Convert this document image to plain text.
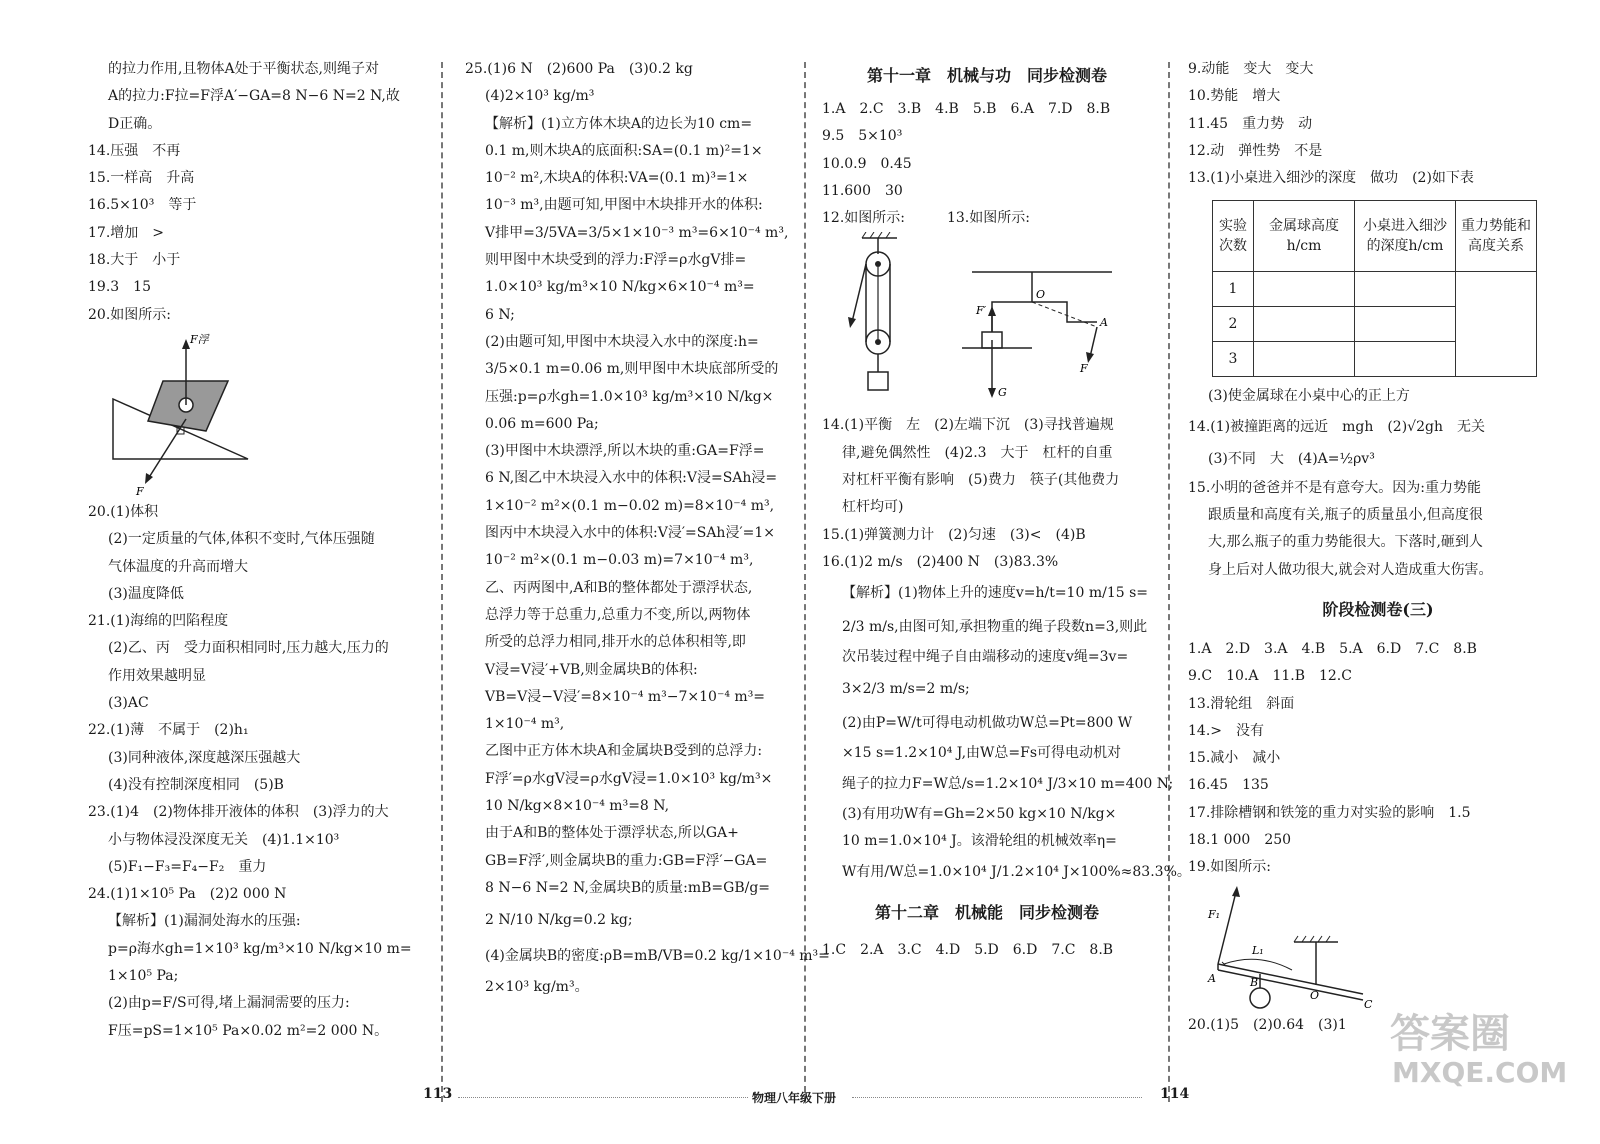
的拉力作用,且物体A处于平衡状态,则绳子对
A的拉力:F拉=F浮A′−GA=8 N−6 N=2 N,故
D正确。
14.压强　不再
15.一样高　升高
16.5×10³　等于
17.增加　>
18.大于　小于
19.3　15
20.如图所示:
F浮
F
20.(1)体积
(2)一定质量的气体,体积不变时,气体压强随
气体温度的升高而增大
(3)温度降低
21.(1)海绵的凹陷程度
(2)乙、丙　受力面积相同时,压力越大,压力的
作用效果越明显
(3)AC
22.(1)薄　不属于　(2)h₁
(3)同种液体,深度越深压强越大
(4)没有控制深度相同　(5)B
23.(1)4　(2)物体排开液体的体积　(3)浮力的大
小与物体浸没深度无关　(4)1.1×10³
(5)F₁−F₃=F₄−F₂　重力
24.(1)1×10⁵ Pa　(2)2 000 N
【解析】(1)漏洞处海水的压强:
p=ρ海水gh=1×10³ kg/m³×10 N/kg×10 m=
1×10⁵ Pa;
(2)由p=F/S可得,堵上漏洞需要的压力:
F压=pS=1×10⁵ Pa×0.02 m²=2 000 N。
25.(1)6 N　(2)600 Pa　(3)0.2 kg
(4)2×10³ kg/m³
【解析】(1)立方体木块A的边长为10 cm=
0.1 m,则木块A的底面积:SA=(0.1 m)²=1×
10⁻² m²,木块A的体积:VA=(0.1 m)³=1×
10⁻³ m³,由题可知,甲图中木块排开水的体积:
V排甲=3/5VA=3/5×1×10⁻³ m³=6×10⁻⁴ m³,
则甲图中木块受到的浮力:F浮=ρ水gV排=
1.0×10³ kg/m³×10 N/kg×6×10⁻⁴ m³=
6 N;
(2)由题可知,甲图中木块浸入水中的深度:h=
3/5×0.1 m=0.06 m,则甲图中木块底部所受的
压强:p=ρ水gh=1.0×10³ kg/m³×10 N/kg×
0.06 m=600 Pa;
(3)甲图中木块漂浮,所以木块的重:GA=F浮=
6 N,图乙中木块浸入水中的体积:V浸=SAh浸=
1×10⁻² m²×(0.1 m−0.02 m)=8×10⁻⁴ m³,
图丙中木块浸入水中的体积:V浸′=SAh浸′=1×
10⁻² m²×(0.1 m−0.03 m)=7×10⁻⁴ m³,
乙、丙两图中,A和B的整体都处于漂浮状态,
总浮力等于总重力,总重力不变,所以,两物体
所受的总浮力相同,排开水的总体积相等,即
V浸=V浸′+VB,则金属块B的体积:
VB=V浸−V浸′=8×10⁻⁴ m³−7×10⁻⁴ m³=
1×10⁻⁴ m³,
乙图中正方体木块A和金属块B受到的总浮力:
F浮′=ρ水gV浸=ρ水gV浸=1.0×10³ kg/m³×
10 N/kg×8×10⁻⁴ m³=8 N,
由于A和B的整体处于漂浮状态,所以GA+
GB=F浮′,则金属块B的重力:GB=F浮′−GA=
8 N−6 N=2 N,金属块B的质量:mB=GB/g=
2 N/10 N/kg=0.2 kg;
(4)金属块B的密度:ρB=mB/VB=0.2 kg/1×10⁻⁴ m³=
2×10³ kg/m³。
第十一章　机械与功　同步检测卷
1.A　2.C　3.B　4.B　5.B　6.A　7.D　8.B
9.5　5×10³
10.0.9　0.45
11.600　30
12.如图所示:　　　13.如图所示:
F′
O
A
F
G
14.(1)平衡　左　(2)左端下沉　(3)寻找普遍规
律,避免偶然性　(4)2.3　大于　杠杆的自重
对杠杆平衡有影响　(5)费力　筷子(其他费力
杠杆均可)
15.(1)弹簧测力计　(2)匀速　(3)<　(4)B
16.(1)2 m/s　(2)400 N　(3)83.3%
【解析】(1)物体上升的速度v=h/t=10 m/15 s=
2/3 m/s,由图可知,承担物重的绳子段数n=3,则此
次吊装过程中绳子自由端移动的速度v绳=3v=
3×2/3 m/s=2 m/s;
(2)由P=W/t可得电动机做功W总=Pt=800 W
×15 s=1.2×10⁴ J,由W总=Fs可得电动机对
绳子的拉力F=W总/s=1.2×10⁴ J/3×10 m=400 N;
(3)有用功W有=Gh=2×50 kg×10 N/kg×
10 m=1.0×10⁴ J。该滑轮组的机械效率η=
W有用/W总=1.0×10⁴ J/1.2×10⁴ J×100%≈83.3%。
第十二章　机械能　同步检测卷
1.C　2.A　3.C　4.D　5.D　6.D　7.C　8.B
9.动能　变大　变大
10.势能　增大
11.45　重力势　动
12.动　弹性势　不是
13.(1)小桌进入细沙的深度　做功　(2)如下表
实验次数	金属球高度h/cm	小桌进入细沙的深度h/cm	重力势能和高度关系
1			
2			
3			
(3)使金属球在小桌中心的正上方
14.(1)被撞距离的远近　mgh　(2)√2gh　无关
(3)不同　大　(4)A=½ρv³
15.小明的爸爸并不是有意夸大。因为:重力势能
跟质量和高度有关,瓶子的质量虽小,但高度很
大,那么瓶子的重力势能很大。下落时,砸到人
身上后对人做功很大,就会对人造成重大伤害。
阶段检测卷(三)
1.A　2.D　3.A　4.B　5.A　6.D　7.C　8.B
9.C　10.A　11.B　12.C
13.滑轮组　斜面
14.>　没有
15.减小　减小
16.45　135
17.排除槽钢和铁笼的重力对实验的影响　1.5
18.1 000　250
19.如图所示:
F₁
L₁
A	B
O
C
20.(1)5　(2)0.64　(3)1	答案圈
MXQE.COM
113	物理八年级下册	114
